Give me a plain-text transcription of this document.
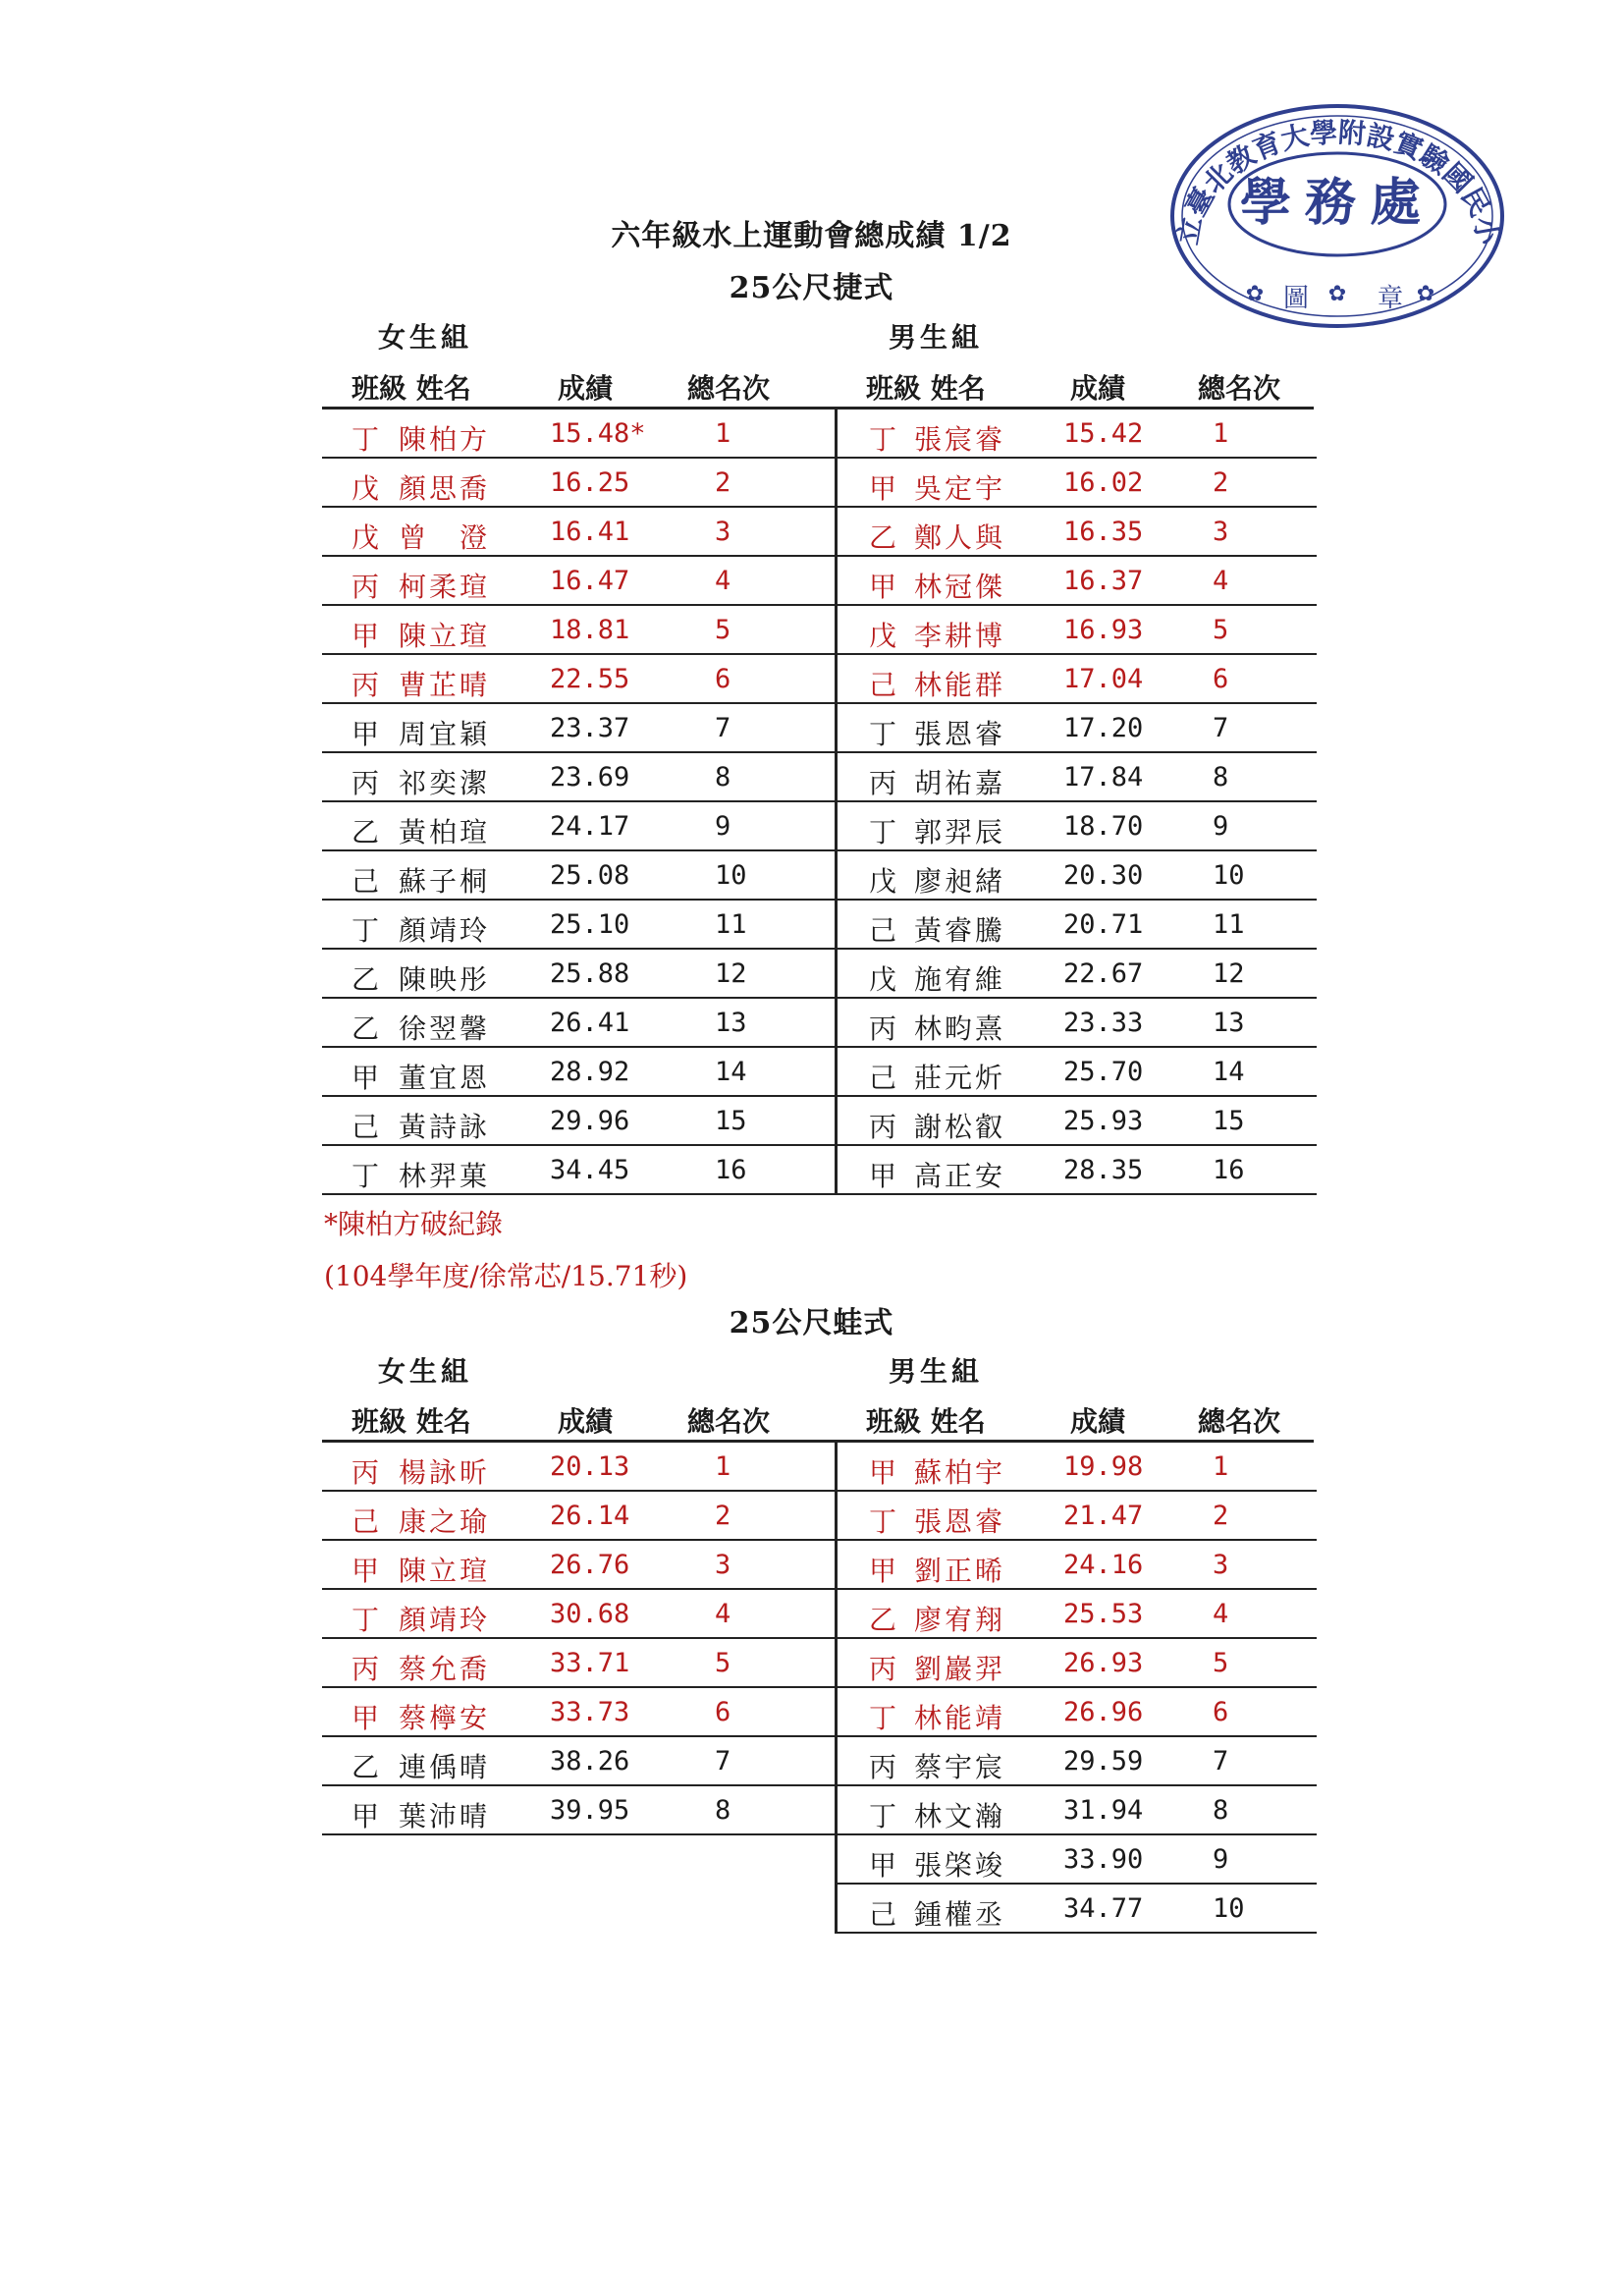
立臺北教育大學附設實驗國民小
學務處
圖	章
✿	✿	✿
六年級水上運動會總成績 1/2
25公尺捷式
女生組	男生組
班級 姓名	成績	總名次	班級 姓名	成績	總名次
丁 陳柏方 15.48*	1	丁 張宸睿 15.42	1
戊 顏思喬 16.25	2	甲 吳定宇 16.02	2
戊 曾　澄 16.41	3	乙 鄭人與 16.35	3
丙 柯柔瑄 16.47	4	甲 林冠傑 16.37	4
甲 陳立瑄 18.81	5	戊 李耕博 16.93	5
丙 曹芷晴 22.55	6	己 林能群 17.04	6
甲 周宜穎 23.37	7	丁 張恩睿 17.20	7
丙 祁奕潔 23.69	8	丙 胡祐嘉 17.84	8
乙 黃柏瑄 24.17	9	丁 郭羿辰 18.70	9
己 蘇子桐 25.08	10	戊 廖昶緒 20.30	10
丁 顏靖玲 25.10	11	己 黃睿騰 20.71	11
乙 陳映彤 25.88	12	戊 施宥維 22.67	12
乙 徐翌馨 26.41	13	丙 林畇熹 23.33	13
甲 董宜恩 28.92	14	己 莊元炘 25.70	14
己 黃詩詠 29.96	15	丙 謝松叡 25.93	15
丁 林羿菓 34.45	16	甲 高正安 28.35	16
*陳柏方破紀錄
(104學年度/徐常芯/15.71秒)
25公尺蛙式
女生組	男生組
班級 姓名	成績	總名次	班級 姓名	成績	總名次
丙 楊詠昕 20.13	1	甲 蘇柏宇 19.98	1
己 康之瑜 26.14	2	丁 張恩睿 21.47	2
甲 陳立瑄 26.76	3	甲 劉正晞 24.16	3
丁 顏靖玲 30.68	4	乙 廖宥翔 25.53	4
丙 蔡允喬 33.71	5	丙 劉巖羿 26.93	5
甲 蔡檸安 33.73	6	丁 林能靖 26.96	6
乙 連偊晴 38.26	7	丙 蔡宇宸 29.59	7
甲 葉沛晴 39.95	8	丁 林文瀚 31.94	8
甲 張棨竣 33.90	9
己 鍾權丞 34.77	10
